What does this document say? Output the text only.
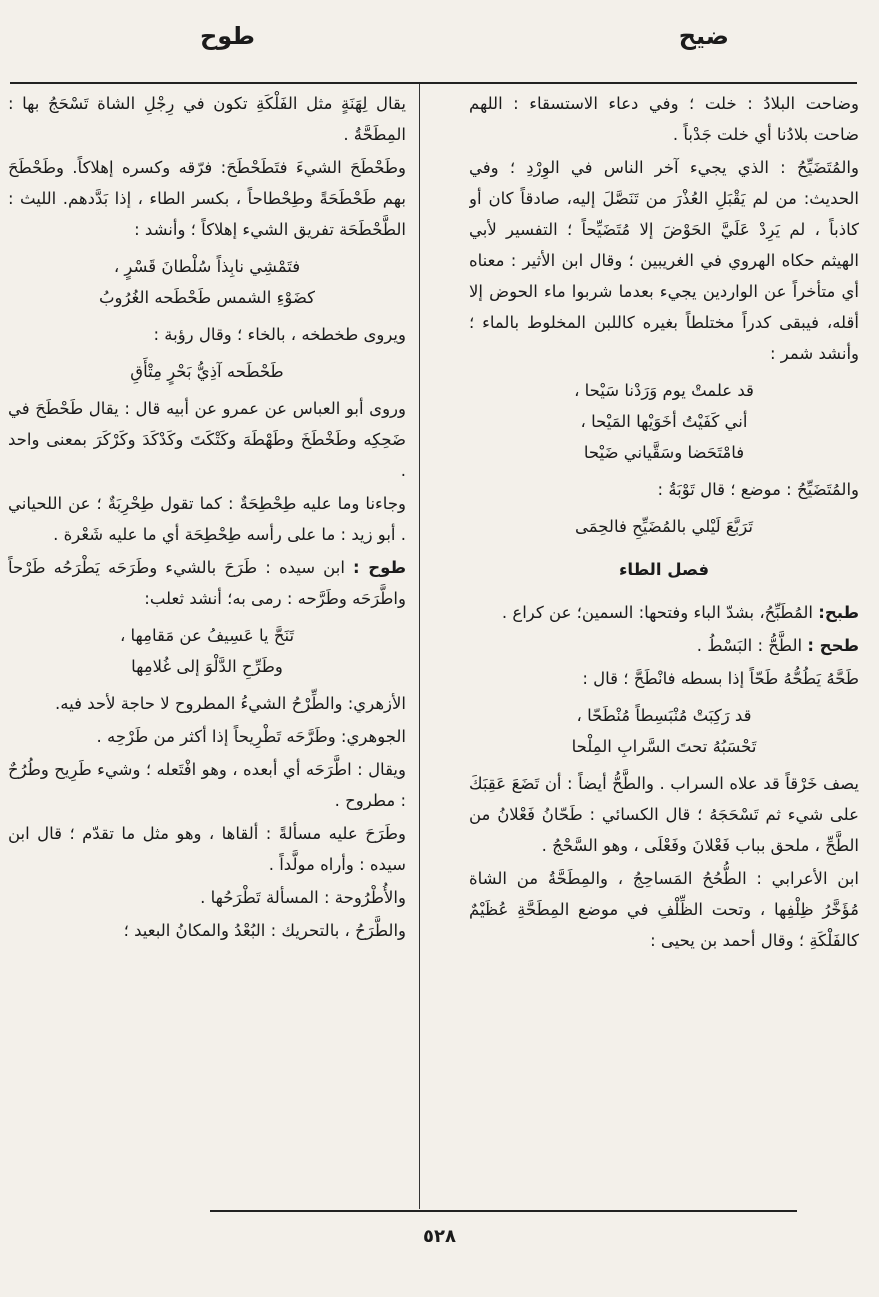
ضيح
طوح

وضاحت البلادُ : خلت ؛ وفي دعاء الاستسقاء : اللهم ضاحت بلادُنا أي خلت جَدْباً .

والمُتَضَيِّحُ : الذي يجيء آخر الناس في الوِرْدِ ؛ وفي الحديث: من لم يَقْبَلِ العُذْرَ من تَنَصَّلَ إليه، صادقاً كان أو كاذباً ، لم يَرِدْ عَلَيَّ الحَوْضَ إلا مُتَضَيِّحاً ؛ التفسير لأبي الهيثم حكاه الهروي في الغريبين ؛ وقال ابن الأثير : معناه أي متأخراً عن الواردين يجيء بعدما شربوا ماء الحوض إلا أقله، فيبقى كدراً مختلطاً بغيره كاللبن المخلوط بالماء ؛ وأنشد شمر :

قد علمتْ يوم وَرَدْنا سَيْحا ،
أني كَفَيْتُ أخَوَيْها المَيْحا ،
فامْتَحَضا وسَقَّياني ضَيْحا

والمُتَضَيِّحُ : موضع ؛ قال تَوْبَةُ :

تَرَبَّعَ لَيْلي بالمُضَيِّحِ فالحِمَى
فصل الطاء

طبح: المُطَبِّحُ، بشدّ الباء وفتحها: السمين؛ عن كراع .

طحح : الطَّحُّ : البَسْطُ .

طَحَّهُ يَطُحُّهُ طَحّاً إذا بسطه فانْطَحَّ ؛ قال :

قد رَكِبَتْ مُنْبَسِطاً مُنْطَحّا ،
تَحْسَبُهُ تحتَ السَّرابِ المِلْحا

يصف خَرْقاً قد علاه السراب . والطَّحُّ أيضاً : أن تَضَعَ عَقِبَكَ على شيء ثم تَسْحَجَهُ ؛ قال الكسائي : طَحّانُ فَعْلانُ من الطَّحِّ ، ملحق بباب فَعْلانَ وفَعْلَى ، وهو السَّحْجُ .

ابن الأعرابي : الطُّحُحُ المَساحِجُ ، والمِطَحَّةُ من الشاة مُؤَخَّرُ ظِلْفِها ، وتحت الظِّلْفِ في موضع المِطَحَّةِ عُظَيْمٌ كالفَلْكَةِ ؛ وقال أحمد بن يحيى :

يقال لِهَنَةٍ مثل الفَلْكَةِ تكون في رِجْلِ الشاة تَسْحَجُ بها : المِطَحَّةُ .

وطَحْطَحَ الشيءَ فتَطَحْطَحَ: فرّقه وكسره إهلاكاً. وطَحْطَحَ بهم طَحْطَحَةً وطِحْطاحاً ، بكسر الطاء ، إذا بَدَّدهم. الليث : الطَّحْطَحَة تفريق الشيء إهلاكاً ؛ وأنشد :

فتَمْشِي نابِذاً سُلْطانَ قَسْرٍ ،
كضَوْءِ الشمس طَحْطَحه الغُرُوبُ

ويروى طخطخه ، بالخاء ؛ وقال رؤبة :

طَحْطَحه آذِيُّ بَحْرٍ مِتْأَقِ

وروى أبو العباس عن عمرو عن أبيه قال : يقال طَحْطَحَ في ضَحِكِه وطَخْطَخَ وطَهْطَهَ وكَتْكَتَ وكَدْكَدَ وكَرْكَرَ بمعنى واحد .

وجاءنا وما عليه طِحْطِحَةٌ : كما تقول طِحْرِبَةٌ ؛ عن اللحياني . أبو زيد : ما على رأسه طِحْطِحَة أي ما عليه شَعْرة .

طوح : ابن سيده : طَرَحَ بالشيء وطَرَحَه يَطْرَحُه طَرْحاً واطَّرَحَه وطَرَّحه : رمى به؛ أنشد ثعلب:

تَنَحَّ يا عَسِيفُ عن مَقامِها ،
وطَرِّحِ الدَّلْوَ إلى غُلامِها

الأزهري: والطِّرْحُ الشيءُ المطروح لا حاجة لأحد فيه.

الجوهري: وطَرَّحَه تَطْرِيحاً إذا أكثر من طَرْحِه .

ويقال : اطَّرَحَه أي أبعده ، وهو افْتَعله ؛ وشيء طَرِيح وطُرُحٌ : مطروح .

وطَرَحَ عليه مسألةً : ألقاها ، وهو مثل ما تقدّم ؛ قال ابن سيده : وأراه مولَّداً .

والأُطْرُوحة : المسألة تَطْرَحُها .

والطَّرَحُ ، بالتحريك : البُعْدُ والمكانُ البعيد ؛

٥٢٨
